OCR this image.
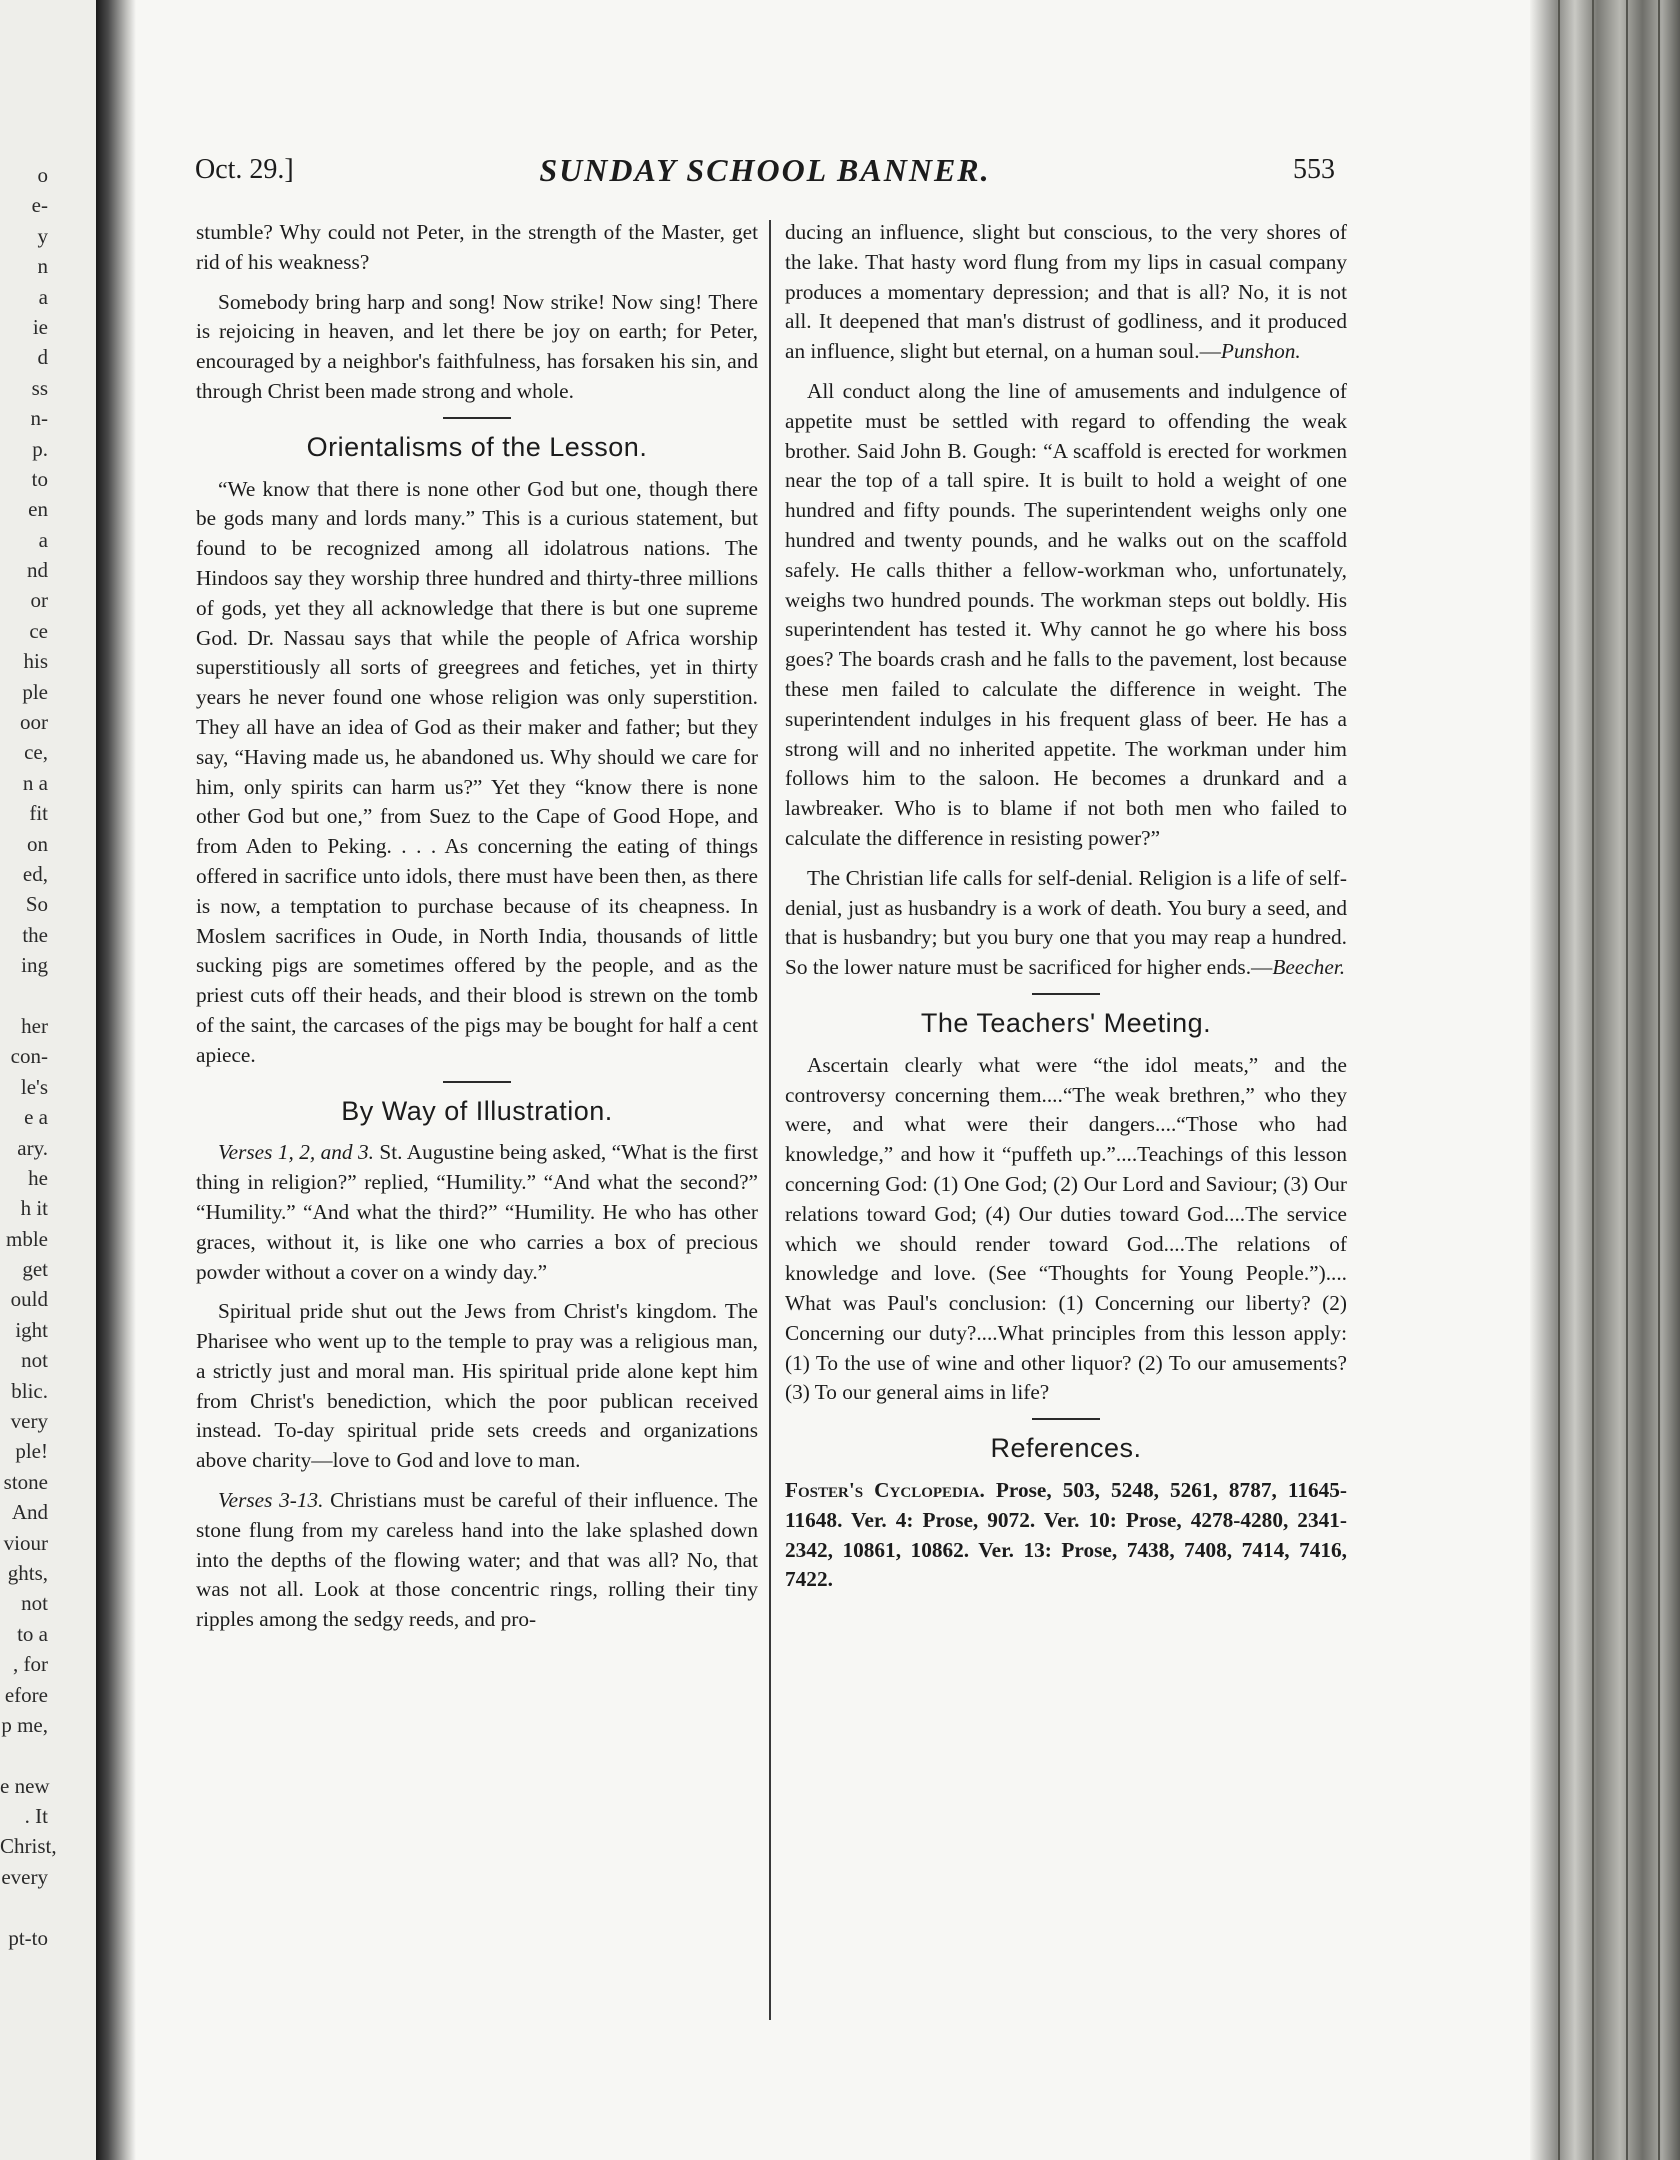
o
e-
y
n
a
ie
d
ss
n-
p.
to
en
a
nd
or
ce
his
ple
oor
ce,
n a
fit
on
ed,
So
the
ing
her
con-
le's
e a
ary.
he
h it
mble
get
ould
ight
not
blic.
very
ple!
stone
And
viour
ghts,
not
to a
, for
efore
p me,
e new
. It
Christ,
every
pt-to
Oct. 29.]	SUNDAY SCHOOL BANNER.	553

stumble? Why could not Peter, in the strength of the Master, get rid of his weakness?

Somebody bring harp and song! Now strike! Now sing! There is rejoicing in heaven, and let there be joy on earth; for Peter, encouraged by a neighbor's faithfulness, has forsaken his sin, and through Christ been made strong and whole.

Orientalisms of the Lesson.

“We know that there is none other God but one, though there be gods many and lords many.” This is a curious statement, but found to be recognized among all idolatrous nations. The Hindoos say they worship three hundred and thirty-three millions of gods, yet they all acknowledge that there is but one supreme God. Dr. Nassau says that while the people of Africa worship superstitiously all sorts of greegrees and fetiches, yet in thirty years he never found one whose religion was only superstition. They all have an idea of God as their maker and father; but they say, “Having made us, he abandoned us. Why should we care for him, only spirits can harm us?” Yet they “know there is none other God but one,” from Suez to the Cape of Good Hope, and from Aden to Peking. . . . As concerning the eating of things offered in sacrifice unto idols, there must have been then, as there is now, a temptation to purchase because of its cheapness. In Moslem sacrifices in Oude, in North India, thousands of little sucking pigs are sometimes offered by the people, and as the priest cuts off their heads, and their blood is strewn on the tomb of the saint, the carcases of the pigs may be bought for half a cent apiece.

By Way of Illustration.

Verses 1, 2, and 3. St. Augustine being asked, “What is the first thing in religion?” replied, “Humility.” “And what the second?” “Humility.” “And what the third?” “Humility. He who has other graces, without it, is like one who carries a box of precious powder without a cover on a windy day.”

Spiritual pride shut out the Jews from Christ's kingdom. The Pharisee who went up to the temple to pray was a religious man, a strictly just and moral man. His spiritual pride alone kept him from Christ's benediction, which the poor publican received instead. To-day spiritual pride sets creeds and organizations above charity—love to God and love to man.

Verses 3-13. Christians must be careful of their influence. The stone flung from my careless hand into the lake splashed down into the depths of the flowing water; and that was all? No, that was not all. Look at those concentric rings, rolling their tiny ripples among the sedgy reeds, and pro-

ducing an influence, slight but conscious, to the very shores of the lake. That hasty word flung from my lips in casual company produces a momentary depression; and that is all? No, it is not all. It deepened that man's distrust of godliness, and it produced an influence, slight but eternal, on a human soul.—Punshon.

All conduct along the line of amusements and indulgence of appetite must be settled with regard to offending the weak brother. Said John B. Gough: “A scaffold is erected for workmen near the top of a tall spire. It is built to hold a weight of one hundred and fifty pounds. The superintendent weighs only one hundred and twenty pounds, and he walks out on the scaffold safely. He calls thither a fellow-workman who, unfortunately, weighs two hundred pounds. The workman steps out boldly. His superintendent has tested it. Why cannot he go where his boss goes? The boards crash and he falls to the pavement, lost because these men failed to calculate the difference in weight. The superintendent indulges in his frequent glass of beer. He has a strong will and no inherited appetite. The workman under him follows him to the saloon. He becomes a drunkard and a lawbreaker. Who is to blame if not both men who failed to calculate the difference in resisting power?”

The Christian life calls for self-denial. Religion is a life of self-denial, just as husbandry is a work of death. You bury a seed, and that is husbandry; but you bury one that you may reap a hundred. So the lower nature must be sacrificed for higher ends.—Beecher.

The Teachers' Meeting.

Ascertain clearly what were “the idol meats,” and the controversy concerning them....“The weak brethren,” who they were, and what were their dangers....“Those who had knowledge,” and how it “puffeth up.”....Teachings of this lesson concerning God: (1) One God; (2) Our Lord and Saviour; (3) Our relations toward God; (4) Our duties toward God....The service which we should render toward God....The relations of knowledge and love. (See “Thoughts for Young People.”).... What was Paul's conclusion: (1) Concerning our liberty? (2) Concerning our duty?....What principles from this lesson apply: (1) To the use of wine and other liquor? (2) To our amusements? (3) To our general aims in life?

References.

Foster's Cyclopedia. Prose, 503, 5248, 5261, 8787, 11645-11648. Ver. 4: Prose, 9072. Ver. 10: Prose, 4278-4280, 2341-2342, 10861, 10862. Ver. 13: Prose, 7438, 7408, 7414, 7416, 7422.
